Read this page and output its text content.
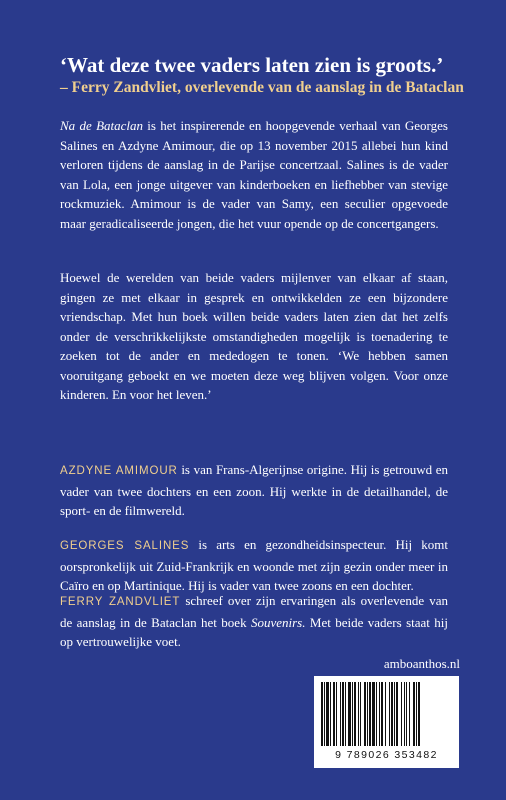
‘Wat deze twee vaders laten zien is groots.’

– Ferry Zandvliet, overlevende van de aanslag in de Bataclan

Na de Bataclan is het inspirerende en hoopgevende verhaal van Georges Salines en Azdyne Amimour, die op 13 november 2015 allebei hun kind verloren tijdens de aanslag in de Parijse concertzaal. Salines is de vader van Lola, een jonge uitgever van kinderboeken en liefhebber van stevige rockmuziek. Amimour is de vader van Samy, een seculier opgevoede maar geradicaliseerde jongen, die het vuur opende op de concertgangers.

Hoewel de werelden van beide vaders mijlenver van elkaar af staan, gingen ze met elkaar in gesprek en ontwikkelden ze een bijzondere vriendschap. Met hun boek willen beide vaders laten zien dat het zelfs onder de verschrikkelijkste omstandigheden mogelijk is toenadering te zoeken tot de ander en mededogen te tonen. ‘We hebben samen vooruitgang geboekt en we moeten deze weg blijven volgen. Voor onze kinderen. En voor het leven.’

AZDYNE AMIMOUR is van Frans-Algerijnse origine. Hij is getrouwd en vader van twee dochters en een zoon. Hij werkte in de detailhandel, de sport- en de filmwereld.

GEORGES SALINES is arts en gezondheidsinspecteur. Hij komt oorspronkelijk uit Zuid-Frankrijk en woonde met zijn gezin onder meer in Caïro en op Martinique. Hij is vader van twee zoons en een dochter.

FERRY ZANDVLIET schreef over zijn ervaringen als overlevende van de aanslag in de Bataclan het boek Souvenirs. Met beide vaders staat hij op vertrouwelijke voet.

amboanthos.nl

9 789026 353482
